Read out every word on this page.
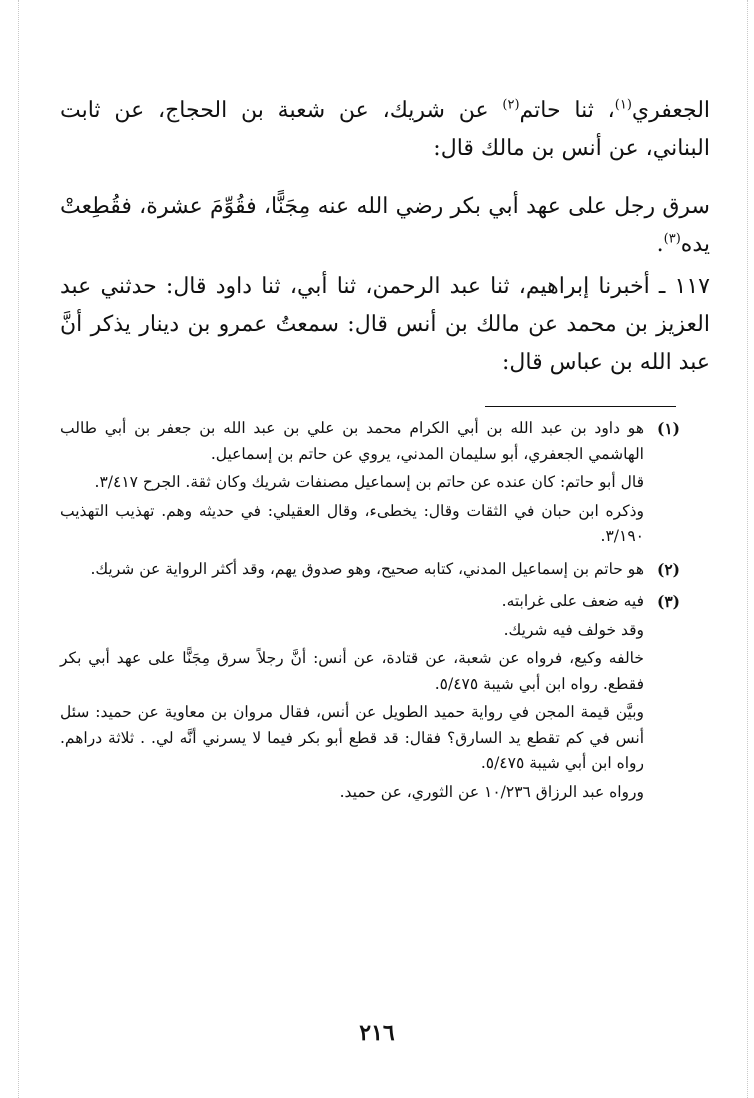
الجعفري$^{(١)}$، ثنا حاتم$^{(٢)}$ عن شريك، عن شعبة بن الحجاج، عن ثابت البناني، عن أنس بن مالك قال:

سرق رجل على عهد أبي بكر رضي الله عنه مِجَنًّا، فقُوِّمَ عشرة، فقُطِعتْ يده$^{(٣)}$.

١١٧ ـ أخبرنا إبراهيم، ثنا عبد الرحمن، ثنا أبي، ثنا داود قال: حدثني عبد العزيز بن محمد عن مالك بن أنس قال: سمعتُ عمرو بن دينار يذكر أنَّ عبد الله بن عباس قال:

(١)

هو داود بن عبد الله بن أبي الكرام محمد بن علي بن عبد الله بن جعفر بن أبي طالب الهاشمي الجعفري، أبو سليمان المدني، يروي عن حاتم بن إسماعيل.

قال أبو حاتم: كان عنده عن حاتم بن إسماعيل مصنفات شريك وكان ثقة. الجرح ٣/٤١٧.

وذكره ابن حبان في الثقات وقال: يخطىء، وقال العقيلي: في حديثه وهم. تهذيب التهذيب ٣/١٩٠.

(٢)

هو حاتم بن إسماعيل المدني، كتابه صحيح، وهو صدوق يهم، وقد أكثر الرواية عن شريك.

(٣)

فيه ضعف على غرابته.

وقد خولف فيه شريك.

خالفه وكيع، فرواه عن شعبة، عن قتادة، عن أنس: أنَّ رجلاً سرق مِجَنًّا على عهد أبي بكر فقطع. رواه ابن أبي شيبة ٥/٤٧٥.

وبيَّن قيمة المجن في رواية حميد الطويل عن أنس، فقال مروان بن معاوية عن حميد: سئل أنس في كم تقطع يد السارق؟ فقال: قد قطع أبو بكر فيما لا يسرني أنَّه لي. . ثلاثة دراهم. رواه ابن أبي شيبة ٥/٤٧٥.

ورواه عبد الرزاق ١٠/٢٣٦ عن الثوري، عن حميد.

٢١٦
